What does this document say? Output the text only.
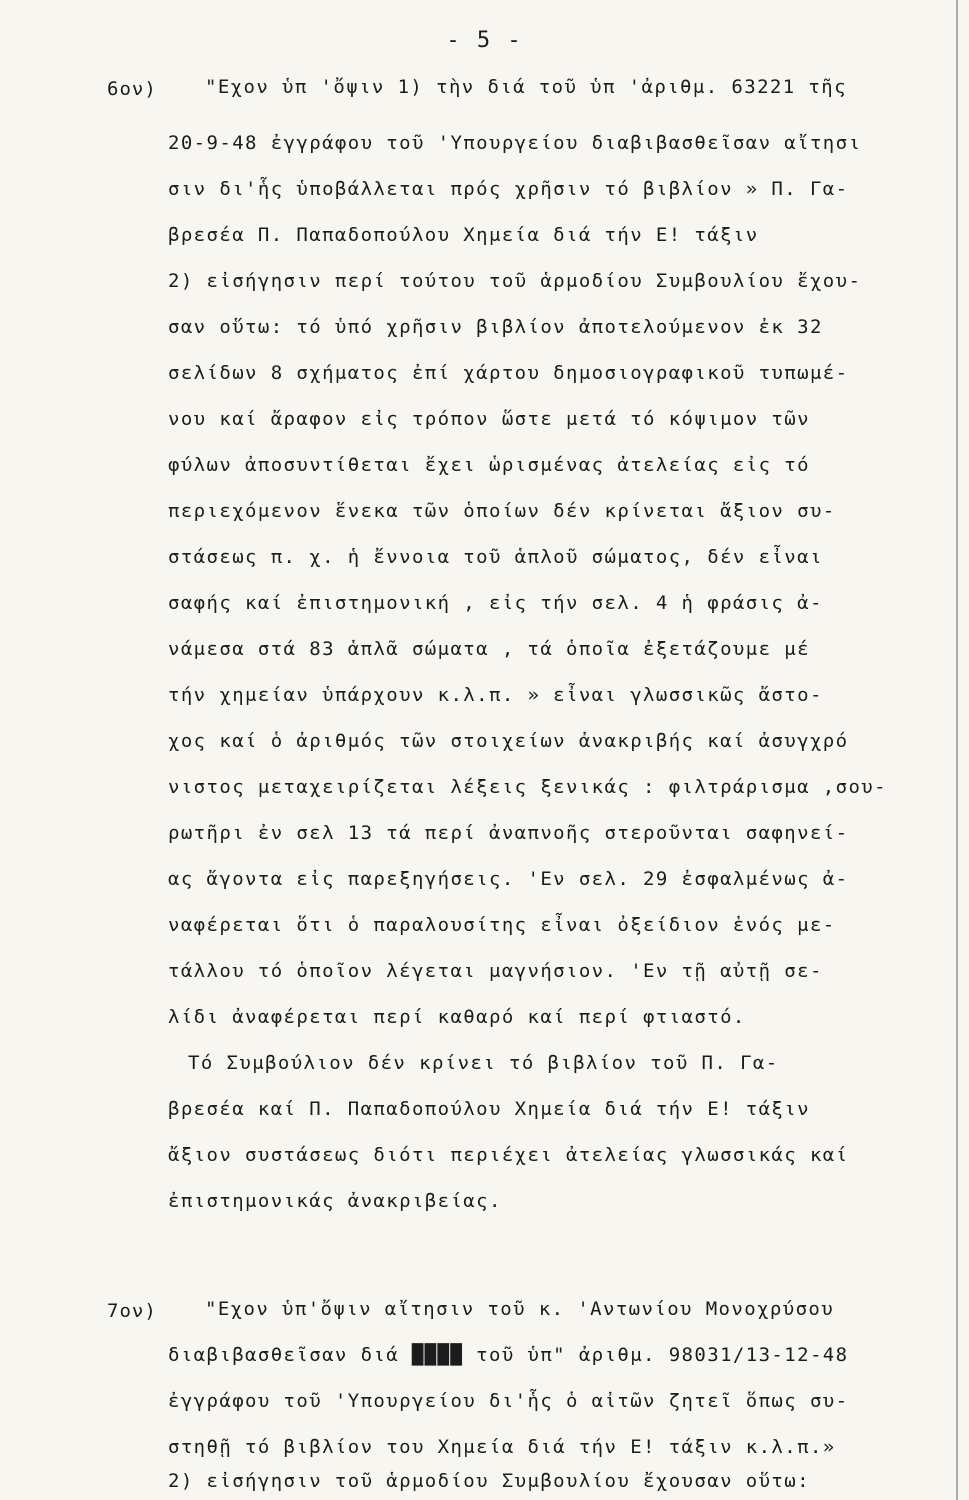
- 5 -
6ον)	"Εχον ὑπ 'ὄψιν 1) τὴν διά τοῦ ὑπ 'ἀριθμ. 63221 τῆς
20-9-48 ἐγγράφου τοῦ 'Υπουργείου διαβιβασθεῖσαν αἴτησι
σιν δι'ἧς ὑποβάλλεται πρός χρῆσιν τό βιβλίον » Π. Γα-
βρεσέα Π. Παπαδοπούλου Χημεία διά τήν Ε! τάξιν
2) εἰσήγησιν περί τούτου τοῦ ἁρμοδίου Συμβουλίου ἔχου-
σαν οὕτω: τό ὑπό χρῆσιν βιβλίον ἀποτελούμενον ἐκ 32
σελίδων 8 σχήματος ἐπί χάρτου δημοσιογραφικοῦ τυπωμέ-
νου καί ἄραφον εἰς τρόπον ὥστε μετά τό κόψιμον τῶν
φύλων ἀποσυντίθεται ἔχει ὡρισμένας ἀτελείας εἰς τό
περιεχόμενον ἕνεκα τῶν ὁποίων δέν κρίνεται ἄξιον συ-
στάσεως π. χ. ἡ ἔννοια τοῦ ἁπλοῦ σώματος, δέν εἶναι
σαφής καί ἐπιστημονική , εἰς τήν σελ. 4 ἡ φράσις ἀ-
νάμεσα στά 83 ἁπλᾶ σώματα , τά ὁποῖα ἐξετάζουμε μέ
τήν χημείαν ὑπάρχουν κ.λ.π. » εἶναι γλωσσικῶς ἄστο-
χος καί ὁ ἀριθμός τῶν στοιχείων ἀνακριβής καί ἀσυγχρό
νιστος μεταχειρίζεται λέξεις ξενικάς : φιλτράρισμα ,σου-
ρωτῆρι ἐν σελ 13 τά περί ἀναπνοῆς στεροῦνται σαφηνεί-
ας ἄγοντα εἰς παρεξηγήσεις. 'Εν σελ. 29 ἐσφαλμένως ἀ-
ναφέρεται ὅτι ὁ παραλουσίτης εἶναι ὀξείδιον ἑνός με-
τάλλου τό ὁποῖον λέγεται μαγνήσιον. 'Εν τῇ αὐτῇ σε-
λίδι ἀναφέρεται περί καθαρό καί περί φτιαστό.
Τό Συμβούλιον δέν κρίνει τό βιβλίον τοῦ Π. Γα-
βρεσέα καί Π. Παπαδοπούλου Χημεία διά τήν Ε! τάξιν
ἄξιον συστάσεως διότι περιέχει ἀτελείας γλωσσικάς καί
ἐπιστημονικάς ἀνακριβείας.
7ον)	"Εχον ὑπ'ὄψιν αἴτησιν τοῦ κ. 'Αντωνίου Μονοχρύσου
διαβιβασθεῖσαν διά ████ τοῦ ὑπ" ἀριθμ. 98031/13-12-48
ἐγγράφου τοῦ 'Υπουργείου δι'ἧς ὁ αἰτῶν ζητεῖ ὅπως συ-
στηθῇ τό βιβλίον του Χημεία διά τήν Ε! τάξιν κ.λ.π.»
2) εἰσήγησιν τοῦ ἁρμοδίου Συμβουλίου ἔχουσαν οὕτω:
